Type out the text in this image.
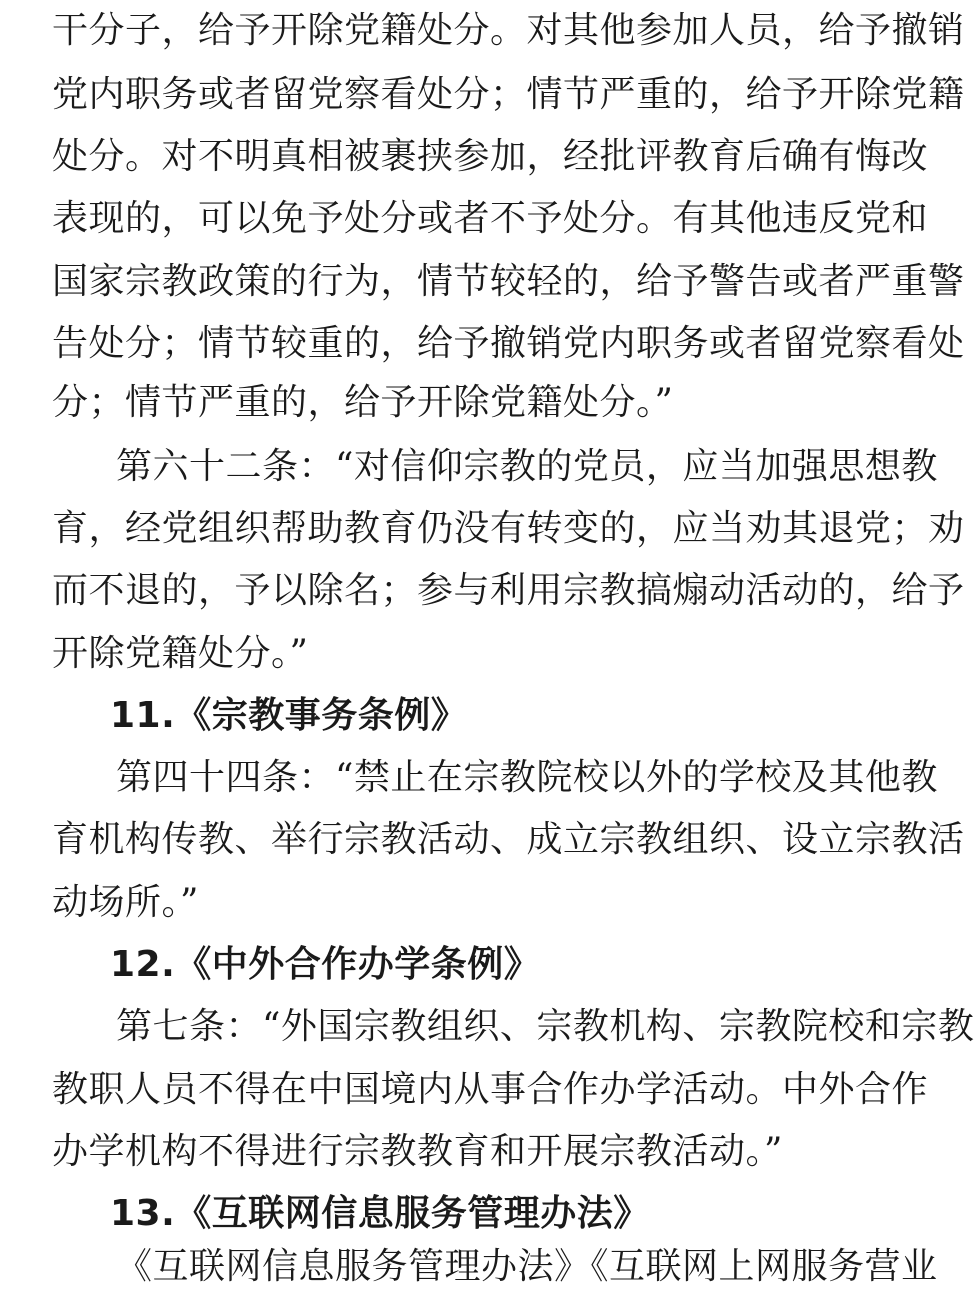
干分子，给予开除党籍处分。对其他参加人员，给予撤销
党内职务或者留党察看处分；情节严重的，给予开除党籍
处分。对不明真相被裹挟参加，经批评教育后确有悔改
表现的，可以免予处分或者不予处分。有其他违反党和
国家宗教政策的行为，情节较轻的，给予警告或者严重警
告处分；情节较重的，给予撤销党内职务或者留党察看处
分；情节严重的，给予开除党籍处分。”
第六十二条：“对信仰宗教的党员，应当加强思想教
育，经党组织帮助教育仍没有转变的，应当劝其退党；劝
而不退的，予以除名；参与利用宗教搞煽动活动的，给予
开除党籍处分。”
11.《宗教事务条例》
第四十四条：“禁止在宗教院校以外的学校及其他教
育机构传教、举行宗教活动、成立宗教组织、设立宗教活
动场所。”
12.《中外合作办学条例》
第七条：“外国宗教组织、宗教机构、宗教院校和宗教
教职人员不得在中国境内从事合作办学活动。中外合作
办学机构不得进行宗教教育和开展宗教活动。”
13.《互联网信息服务管理办法》
《互联网信息服务管理办法》《互联网上网服务营业
